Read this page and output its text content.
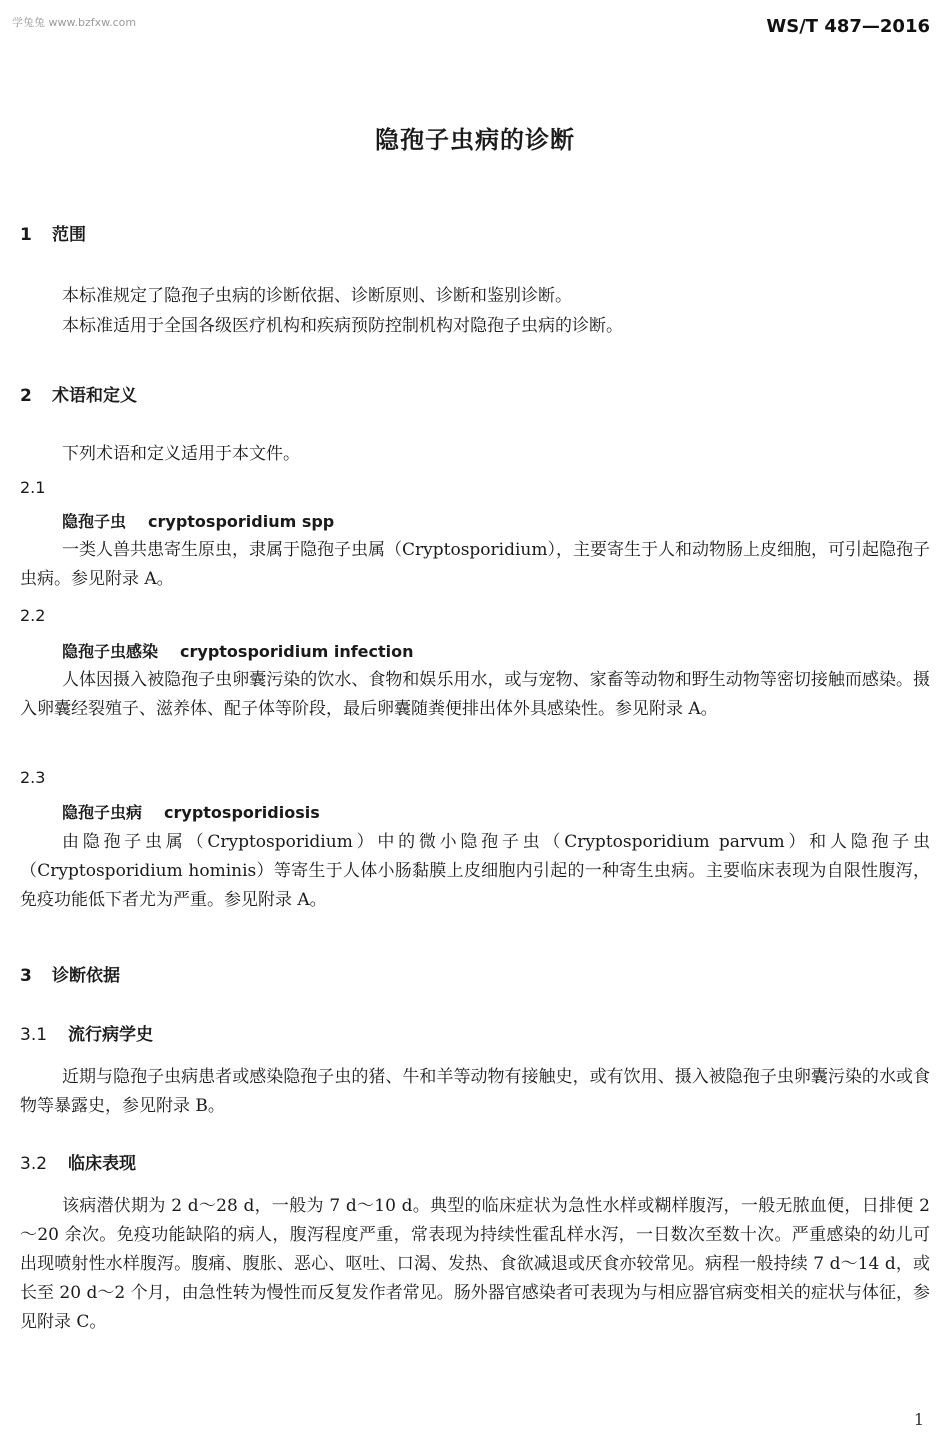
学兔兔 www.bzfxw.com	WS/T 487—2016
隐孢子虫病的诊断
1 范围

本标准规定了隐孢子虫病的诊断依据、诊断原则、诊断和鉴别诊断。

本标准适用于全国各级医疗机构和疾病预防控制机构对隐孢子虫病的诊断。

2 术语和定义

下列术语和定义适用于本文件。

2.1
隐孢子虫 cryptosporidium spp

一类人兽共患寄生原虫，隶属于隐孢子虫属（Cryptosporidium），主要寄生于人和动物肠上皮细胞，可引起隐孢子虫病。参见附录 A。

2.2
隐孢子虫感染 cryptosporidium infection

人体因摄入被隐孢子虫卵囊污染的饮水、食物和娱乐用水，或与宠物、家畜等动物和野生动物等密切接触而感染。摄入卵囊经裂殖子、滋养体、配子体等阶段，最后卵囊随粪便排出体外具感染性。参见附录 A。

2.3
隐孢子虫病 cryptosporidiosis

由隐孢子虫属（Cryptosporidium）中的微小隐孢子虫（Cryptosporidium parvum）和人隐孢子虫（Cryptosporidium hominis）等寄生于人体小肠黏膜上皮细胞内引起的一种寄生虫病。主要临床表现为自限性腹泻，免疫功能低下者尤为严重。参见附录 A。

3 诊断依据
3.1 流行病学史

近期与隐孢子虫病患者或感染隐孢子虫的猪、牛和羊等动物有接触史，或有饮用、摄入被隐孢子虫卵囊污染的水或食物等暴露史，参见附录 B。

3.2 临床表现

该病潜伏期为 2 d～28 d，一般为 7 d～10 d。典型的临床症状为急性水样或糊样腹泻，一般无脓血便，日排便 2～20 余次。免疫功能缺陷的病人，腹泻程度严重，常表现为持续性霍乱样水泻，一日数次至数十次。严重感染的幼儿可出现喷射性水样腹泻。腹痛、腹胀、恶心、呕吐、口渴、发热、食欲减退或厌食亦较常见。病程一般持续 7 d～14 d，或长至 20 d～2 个月，由急性转为慢性而反复发作者常见。肠外器官感染者可表现为与相应器官病变相关的症状与体征，参见附录 C。

1
